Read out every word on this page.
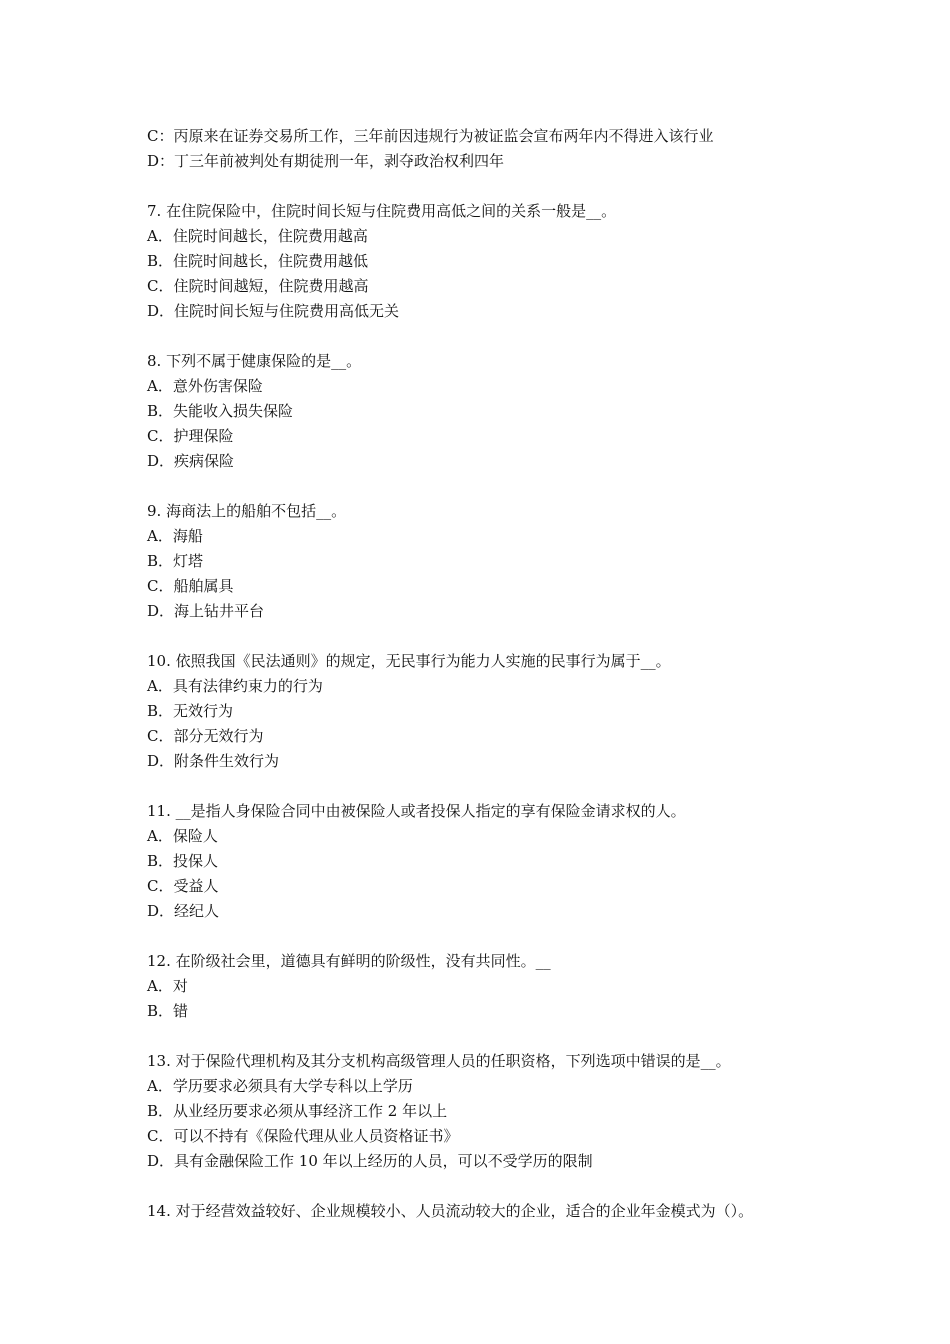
C：丙原来在证券交易所工作，三年前因违规行为被证监会宣布两年内不得进入该行业
D：丁三年前被判处有期徒刑一年，剥夺政治权利四年
7. 在住院保险中，住院时间长短与住院费用高低之间的关系一般是__。
A．住院时间越长，住院费用越高
B．住院时间越长，住院费用越低
C．住院时间越短，住院费用越高
D．住院时间长短与住院费用高低无关
8. 下列不属于健康保险的是__。
A．意外伤害保险
B．失能收入损失保险
C．护理保险
D．疾病保险
9. 海商法上的船舶不包括__。
A．海船
B．灯塔
C．船舶属具
D．海上钻井平台
10. 依照我国《民法通则》的规定，无民事行为能力人实施的民事行为属于__。
A．具有法律约束力的行为
B．无效行为
C．部分无效行为
D．附条件生效行为
11. __是指人身保险合同中由被保险人或者投保人指定的享有保险金请求权的人。
A．保险人
B．投保人
C．受益人
D．经纪人
12. 在阶级社会里，道德具有鲜明的阶级性，没有共同性。__
A．对
B．错
13. 对于保险代理机构及其分支机构高级管理人员的任职资格，下列选项中错误的是__。
A．学历要求必须具有大学专科以上学历
B．从业经历要求必须从事经济工作 2 年以上
C．可以不持有《保险代理从业人员资格证书》
D．具有金融保险工作 10 年以上经历的人员，可以不受学历的限制
14. 对于经营效益较好、企业规模较小、人员流动较大的企业，适合的企业年金模式为（）。
